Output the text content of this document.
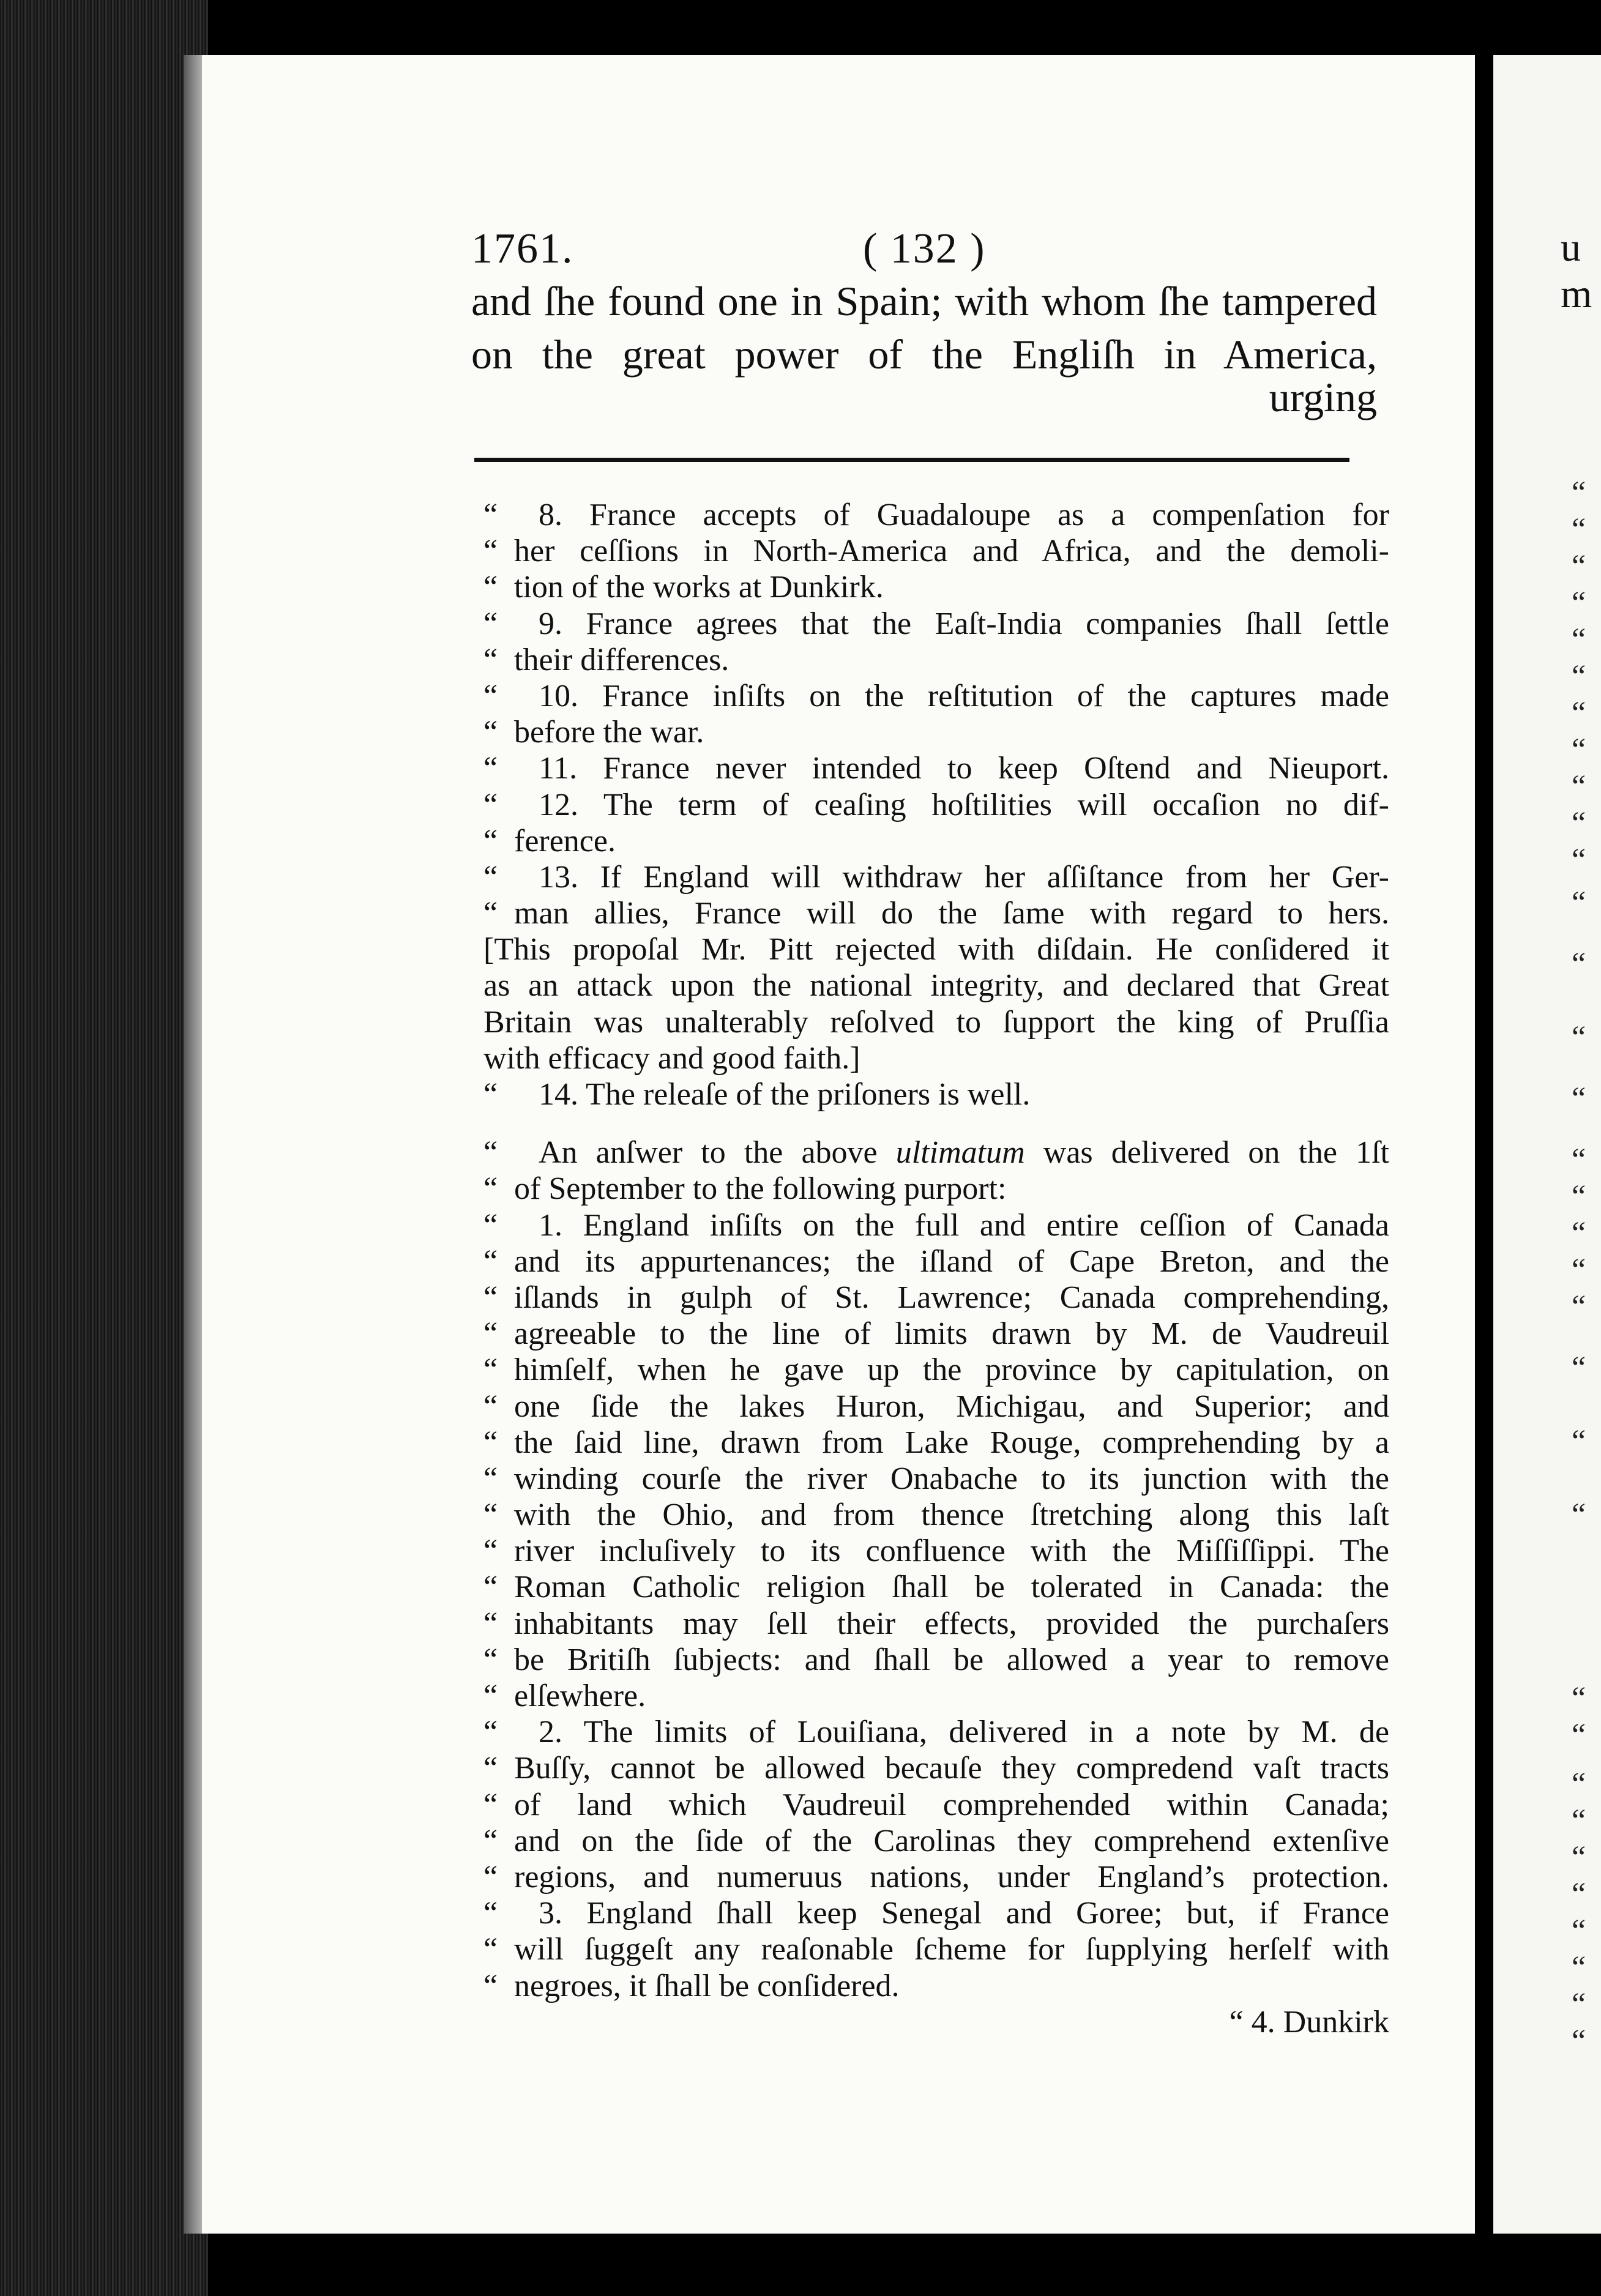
u
m
“
“
“
“
“
“
“
“
“
“
“
“
“
“
“
“
“
“
“
“
“
“
“
“
“
“
“
“
“
“
“
“
“
1761.	( 132 )
and ſhe found one in Spain; with whom ſhe tampered
on the great power of the Engliſh in America,
urging
“	8. France accepts of Guadaloupe as a compenſation for
“ her ceſſions in North-America and Africa, and the demoli-
“ tion of the works at Dunkirk.
“	9. France agrees that the Eaſt-India companies ſhall ſettle
“ their differences.
“	10. France inſiſts on the reſtitution of the captures made
“ before the war.
“	11. France never intended to keep Oſtend and Nieuport.
“	12. The term of ceaſing hoſtilities will occaſion no dif-
“ ference.
“	13. If England will withdraw her aſſiſtance from her Ger-
“ man allies, France will do the ſame with regard to hers.
[This propoſal Mr. Pitt rejected with diſdain. He conſidered it
as an attack upon the national integrity, and declared that Great
Britain was unalterably reſolved to ſupport the king of Pruſſia
with efficacy and good faith.]
“	14. The releaſe of the priſoners is well.
“	An anſwer to the above ultimatum was delivered on the 1ſt
“ of September to the following purport:
“	1. England inſiſts on the full and entire ceſſion of Canada
“ and its appurtenances; the iſland of Cape Breton, and the
“ iſlands in gulph of St. Lawrence; Canada comprehending,
“ agreeable to the line of limits drawn by M. de Vaudreuil
“ himſelf, when he gave up the province by capitulation, on
“ one ſide the lakes Huron, Michigau, and Superior; and
“ the ſaid line, drawn from Lake Rouge, comprehending by a
“ winding courſe the river Onabache to its junction with the
“ with the Ohio, and from thence ſtretching along this laſt
“ river incluſively to its confluence with the Miſſiſſippi. The
“ Roman Catholic religion ſhall be tolerated in Canada: the
“ inhabitants may ſell their effects, provided the purchaſers
“ be Britiſh ſubjects: and ſhall be allowed a year to remove
“ elſewhere.
“	2. The limits of Louiſiana, delivered in a note by M. de
“ Buſſy, cannot be allowed becauſe they compredend vaſt tracts
“ of land which Vaudreuil comprehended within Canada;
“ and on the ſide of the Carolinas they comprehend extenſive
“ regions, and numeruus nations, under England’s protection.
“	3. England ſhall keep Senegal and Goree; but, if France
“ will ſuggeſt any reaſonable ſcheme for ſupplying herſelf with
“ negroes, it ſhall be conſidered.
“ 4. Dunkirk
